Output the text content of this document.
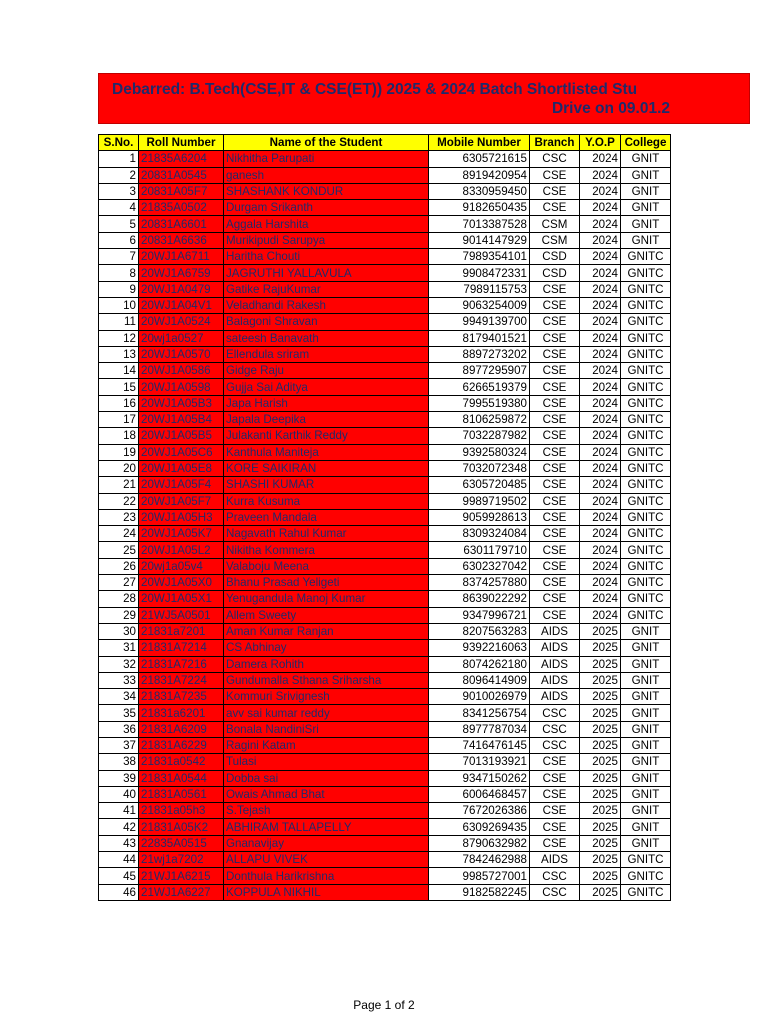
Debarred: B.Tech(CSE,IT & CSE(ET)) 2025 & 2024 Batch Shortlisted Stu
Drive on 09.01.2
S.No.	Roll Number	Name of the Student	Mobile Number	Branch	Y.O.P	College
1	21835A6204	Nikhitha Parupati	6305721615	CSC	2024	GNIT
2	20831A0545	ganesh	8919420954	CSE	2024	GNIT
3	20831A05F7	SHASHANK KONDUR	8330959450	CSE	2024	GNIT
4	21835A0502	Durgam Srikanth	9182650435	CSE	2024	GNIT
5	20831A6601	Aggala Harshita	7013387528	CSM	2024	GNIT
6	20831A6636	Murikipudi Sarupya	9014147929	CSM	2024	GNIT
7	20WJ1A6711	Haritha Chouti	7989354101	CSD	2024	GNITC
8	20WJ1A6759	JAGRUTHI YALLAVULA	9908472331	CSD	2024	GNITC
9	20WJ1A0479	Gatike RajuKumar	7989115753	CSE	2024	GNITC
10	20WJ1A04V1	Veladhandi Rakesh	9063254009	CSE	2024	GNITC
11	20WJ1A0524	Balagoni Shravan	9949139700	CSE	2024	GNITC
12	20wj1a0527	sateesh Banavath	8179401521	CSE	2024	GNITC
13	20WJ1A0570	Ellendula sriram	8897273202	CSE	2024	GNITC
14	20WJ1A0586	Gidge Raju	8977295907	CSE	2024	GNITC
15	20WJ1A0598	Gujja Sai Aditya	6266519379	CSE	2024	GNITC
16	20WJ1A05B3	Japa Harish	7995519380	CSE	2024	GNITC
17	20WJ1A05B4	Japala Deepika	8106259872	CSE	2024	GNITC
18	20WJ1A05B5	Julakanti Karthik Reddy	7032287982	CSE	2024	GNITC
19	20WJ1A05C6	Kanthula Maniteja	9392580324	CSE	2024	GNITC
20	20WJ1A05E8	KORE SAIKIRAN	7032072348	CSE	2024	GNITC
21	20WJ1A05F4	SHASHI KUMAR	6305720485	CSE	2024	GNITC
22	20WJ1A05F7	Kurra Kusuma	9989719502	CSE	2024	GNITC
23	20WJ1A05H3	Praveen Mandala	9059928613	CSE	2024	GNITC
24	20WJ1A05K7	Nagavath Rahul Kumar	8309324084	CSE	2024	GNITC
25	20WJ1A05L2	Nikitha Kommera	6301179710	CSE	2024	GNITC
26	20wj1a05v4	Valaboju Meena	6302327042	CSE	2024	GNITC
27	20WJ1A05X0	Bhanu Prasad Yeligeti	8374257880	CSE	2024	GNITC
28	20WJ1A05X1	Yenugandula Manoj Kumar	8639022292	CSE	2024	GNITC
29	21WJ5A0501	Allem Sweety	9347996721	CSE	2024	GNITC
30	21831a7201	Aman Kumar Ranjan	8207563283	AIDS	2025	GNIT
31	21831A7214	CS Abhinay	9392216063	AIDS	2025	GNIT
32	21831A7216	Damera Rohith	8074262180	AIDS	2025	GNIT
33	21831A7224	Gundumalla Sthana Sriharsha	8096414909	AIDS	2025	GNIT
34	21831A7235	Kommuri Srivignesh	9010026979	AIDS	2025	GNIT
35	21831a6201	avv sai kumar reddy	8341256754	CSC	2025	GNIT
36	21831A6209	Bonala NandiniSri	8977787034	CSC	2025	GNIT
37	21831A6229	Ragini Katam	7416476145	CSC	2025	GNIT
38	21831a0542	Tulasi	7013193921	CSE	2025	GNIT
39	21831A0544	Dobba sai	9347150262	CSE	2025	GNIT
40	21831A0561	Owais Ahmad Bhat	6006468457	CSE	2025	GNIT
41	21831a05h3	S.Tejash	7672026386	CSE	2025	GNIT
42	21831A05K2	ABHIRAM TALLAPELLY	6309269435	CSE	2025	GNIT
43	22835A0515	Gnanavijay	8790632982	CSE	2025	GNIT
44	21wj1a7202	ALLAPU VIVEK	7842462988	AIDS	2025	GNITC
45	21WJ1A6215	Donthula Harikrishna	9985727001	CSC	2025	GNITC
46	21WJ1A6227	KOPPULA NIKHIL	9182582245	CSC	2025	GNITC
Page 1 of 2
